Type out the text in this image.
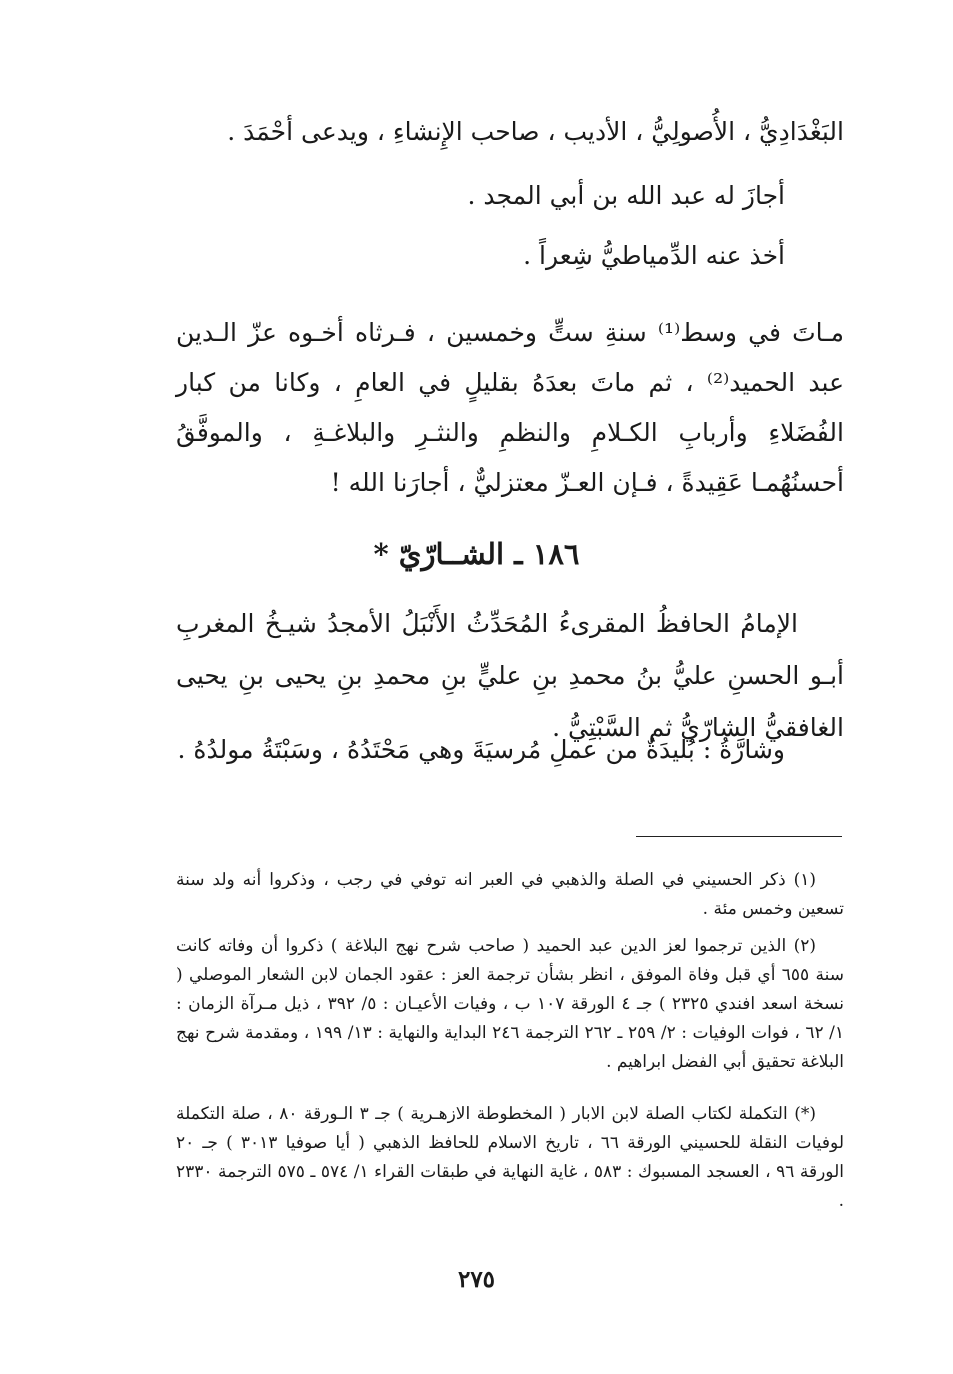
البَغْدَادِيُّ ، الأُصولِيُّ ، الأديب ، صاحب الإِنشاءِ ، ويدعى أحْمَدَ .
أجازَ له عبد الله بن أبي المجد .
أخذ عنه الدِّمياطيُّ شِعراً .
مـاتَ في وسط⁽¹⁾ سنةِ ستٍّ وخمسين ، فـرثاه أخـوه عزّ الـدين عبد الحميد⁽²⁾ ، ثم ماتَ بعدَهُ بقليلٍ في العامِ ، وكانا من كبار الفُضَلاءِ وأربابِ الكـلامِ والنظمِ والنثـرِ والبلاغـةِ ، والموفَّقُ أحسنُهُمـا عَقِيدةً ، فـإن العـزّ معتزليٌّ ، أجارَنا الله !
١٨٦ ـ الشــارّيّ *
الإمامُ الحافظُ المقرىءُ المُحَدِّثُ الأَنْبَلُ الأمجدُ شيـخُ المغربِ أبـو الحسنِ عليُّ بنُ محمدِ بنِ عليٍّ بنِ محمدِ بنِ يحيى بنِ يحيى الغافقيُّ الشارّيُّ ثم السَّبْتِيُّ .
وشارَّةُ : بُليدَةٌ من عملِ مُرسيَةَ وهي مَحْتَدُهُ ، وسَبْتَةُ مولدُهُ .
(١) ذكر الحسيني في الصلة والذهبي في العبر انه توفي في رجب ، وذكروا أنه ولد سنة تسعين وخمس مئة .
(٢) الذين ترجموا لعز الدين عبد الحميد ( صاحب شرح نهج البلاغة ) ذكروا أن وفاته كانت سنة ٦٥٥ أي قبل وفاة الموفق ، انظر بشأن ترجمة العز : عقود الجمان لابن الشعار الموصلي ( نسخة اسعد افندي ٢٣٢٥ ) جـ ٤ الورقة ١٠٧ ب ، وفيات الأعيـان : ٥/ ٣٩٢ ، ذيل مـرآة الزمان : ١/ ٦٢ ، فوات الوفيات : ٢/ ٢٥٩ ـ ٢٦٢ الترجمة ٢٤٦ البداية والنهاية : ١٣/ ١٩٩ ، ومقدمة شرح نهج البلاغة تحقيق أبي الفضل ابراهيم .
(*) التكملة لكتاب الصلة لابن الابار ( المخطوطة الازهـرية ) جـ ٣ الـورقة ٨٠ ، صلة التكملة لوفيات النقلة للحسيني الورقة ٦٦ ، تاريخ الاسلام للحافظ الذهبي ( أيا صوفيا ٣٠١٣ ) جـ ٢٠ الورقة ٩٦ ، العسجد المسبوك : ٥٨٣ ، غاية النهاية في طبقات القراء ١/ ٥٧٤ ـ ٥٧٥ الترجمة ٢٣٣٠ .
٢٧٥
